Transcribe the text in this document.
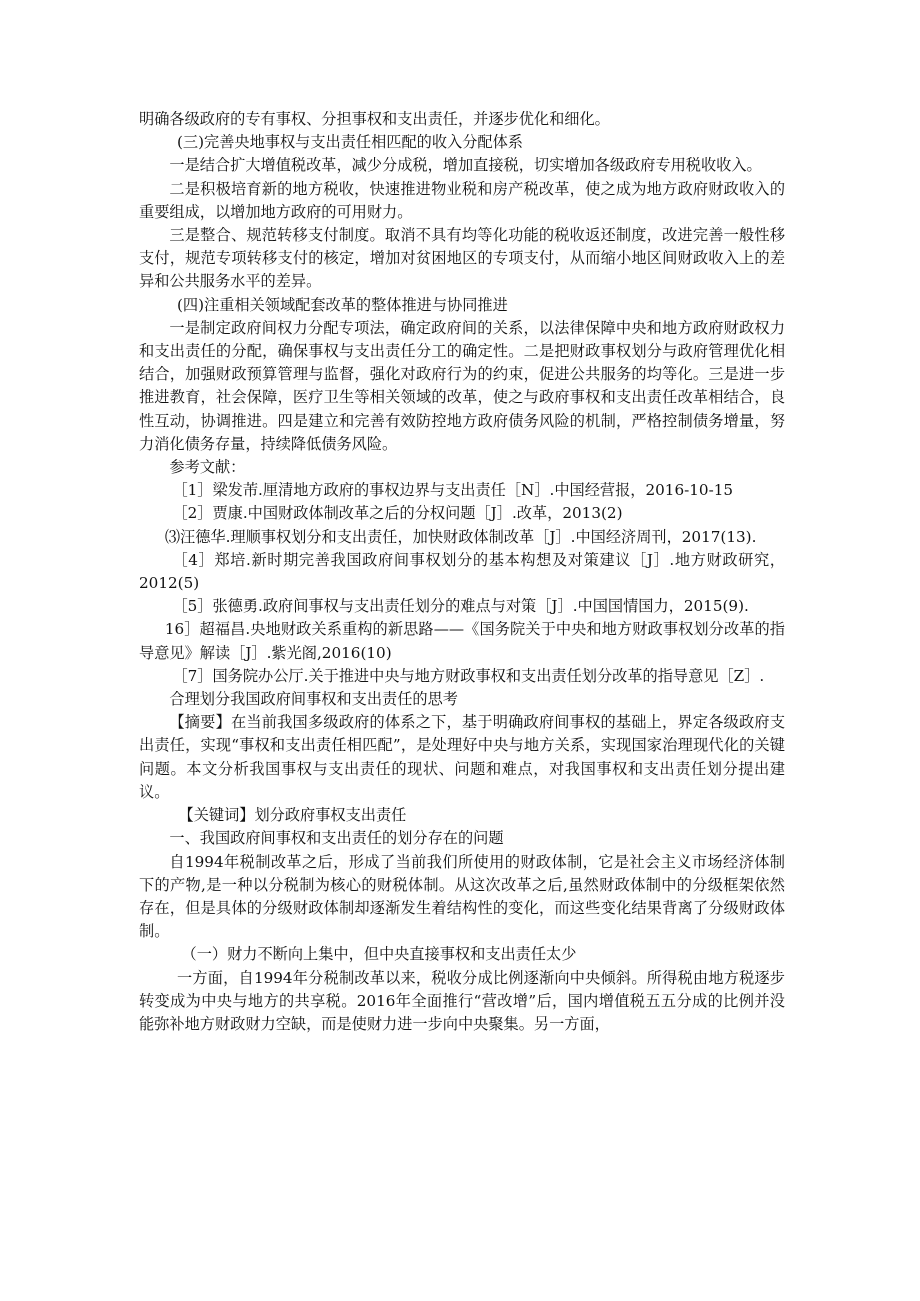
明确各级政府的专有事权、分担事权和支出责任，并逐步优化和细化。

(三)完善央地事权与支出责任相匹配的收入分配体系

一是结合扩大增值税改革，减少分成税，增加直接税，切实增加各级政府专用税收收入。

二是积极培育新的地方税收，快速推进物业税和房产税改革，使之成为地方政府财政收入的重要组成，以增加地方政府的可用财力。

三是整合、规范转移支付制度。取消不具有均等化功能的税收返还制度，改进完善一般性移支付，规范专项转移支付的核定，增加对贫困地区的专项支付，从而缩小地区间财政收入上的差异和公共服务水平的差异。

(四)注重相关领域配套改革的整体推进与协同推进

一是制定政府间权力分配专项法，确定政府间的关系，以法律保障中央和地方政府财政权力和支出责任的分配，确保事权与支出责任分工的确定性。二是把财政事权划分与政府管理优化相结合，加强财政预算管理与监督，强化对政府行为的约束，促进公共服务的均等化。三是进一步推进教育，社会保障，医疗卫生等相关领域的改革，使之与政府事权和支出责任改革相结合，良性互动，协调推进。四是建立和完善有效防控地方政府债务风险的机制，严格控制债务增量，努力消化债务存量，持续降低债务风险。

参考文献：

［1］梁发芾.厘清地方政府的事权边界与支出责任［N］.中国经营报，2016-10-15

［2］贾康.中国财政体制改革之后的分权问题［J］.改革，2013(2)

⑶汪德华.理顺事权划分和支出责任，加快财政体制改革［J］.中国经济周刊，2017(13).

［4］郑培.新时期完善我国政府间事权划分的基本构想及对策建议［J］.地方财政研究，2012(5)

［5］张德勇.政府间事权与支出责任划分的难点与对策［J］.中国国情国力，2015(9).

16］超福昌.央地财政关系重构的新思路——《国务院关于中央和地方财政事权划分改革的指导意见》解读［J］.紫光阁,2016(10)

［7］国务院办公厅.关于推进中央与地方财政事权和支出责任划分改革的指导意见［Z］.

合理划分我国政府间事权和支出责任的思考

【摘要】在当前我国多级政府的体系之下，基于明确政府间事权的基础上，界定各级政府支出责任，实现“事权和支出责任相匹配”，是处理好中央与地方关系，实现国家治理现代化的关键问题。本文分析我国事权与支出责任的现状、问题和难点，对我国事权和支出责任划分提出建议。

【关键词】划分政府事权支出责任

一、我国政府间事权和支出责任的划分存在的问题

自1994年税制改革之后，形成了当前我们所使用的财政体制，它是社会主义市场经济体制下的产物,是一种以分税制为核心的财税体制。从这次改革之后,虽然财政体制中的分级框架依然存在，但是具体的分级财政体制却逐渐发生着结构性的变化，而这些变化结果背离了分级财政体制。

（一）财力不断向上集中，但中央直接事权和支出责任太少

一方面，自1994年分税制改革以来，税收分成比例逐渐向中央倾斜。所得税由地方税逐步转变成为中央与地方的共享税。2016年全面推行“营改增”后，国内增值税五五分成的比例并没能弥补地方财政财力空缺，而是使财力进一步向中央聚集。另一方面，
